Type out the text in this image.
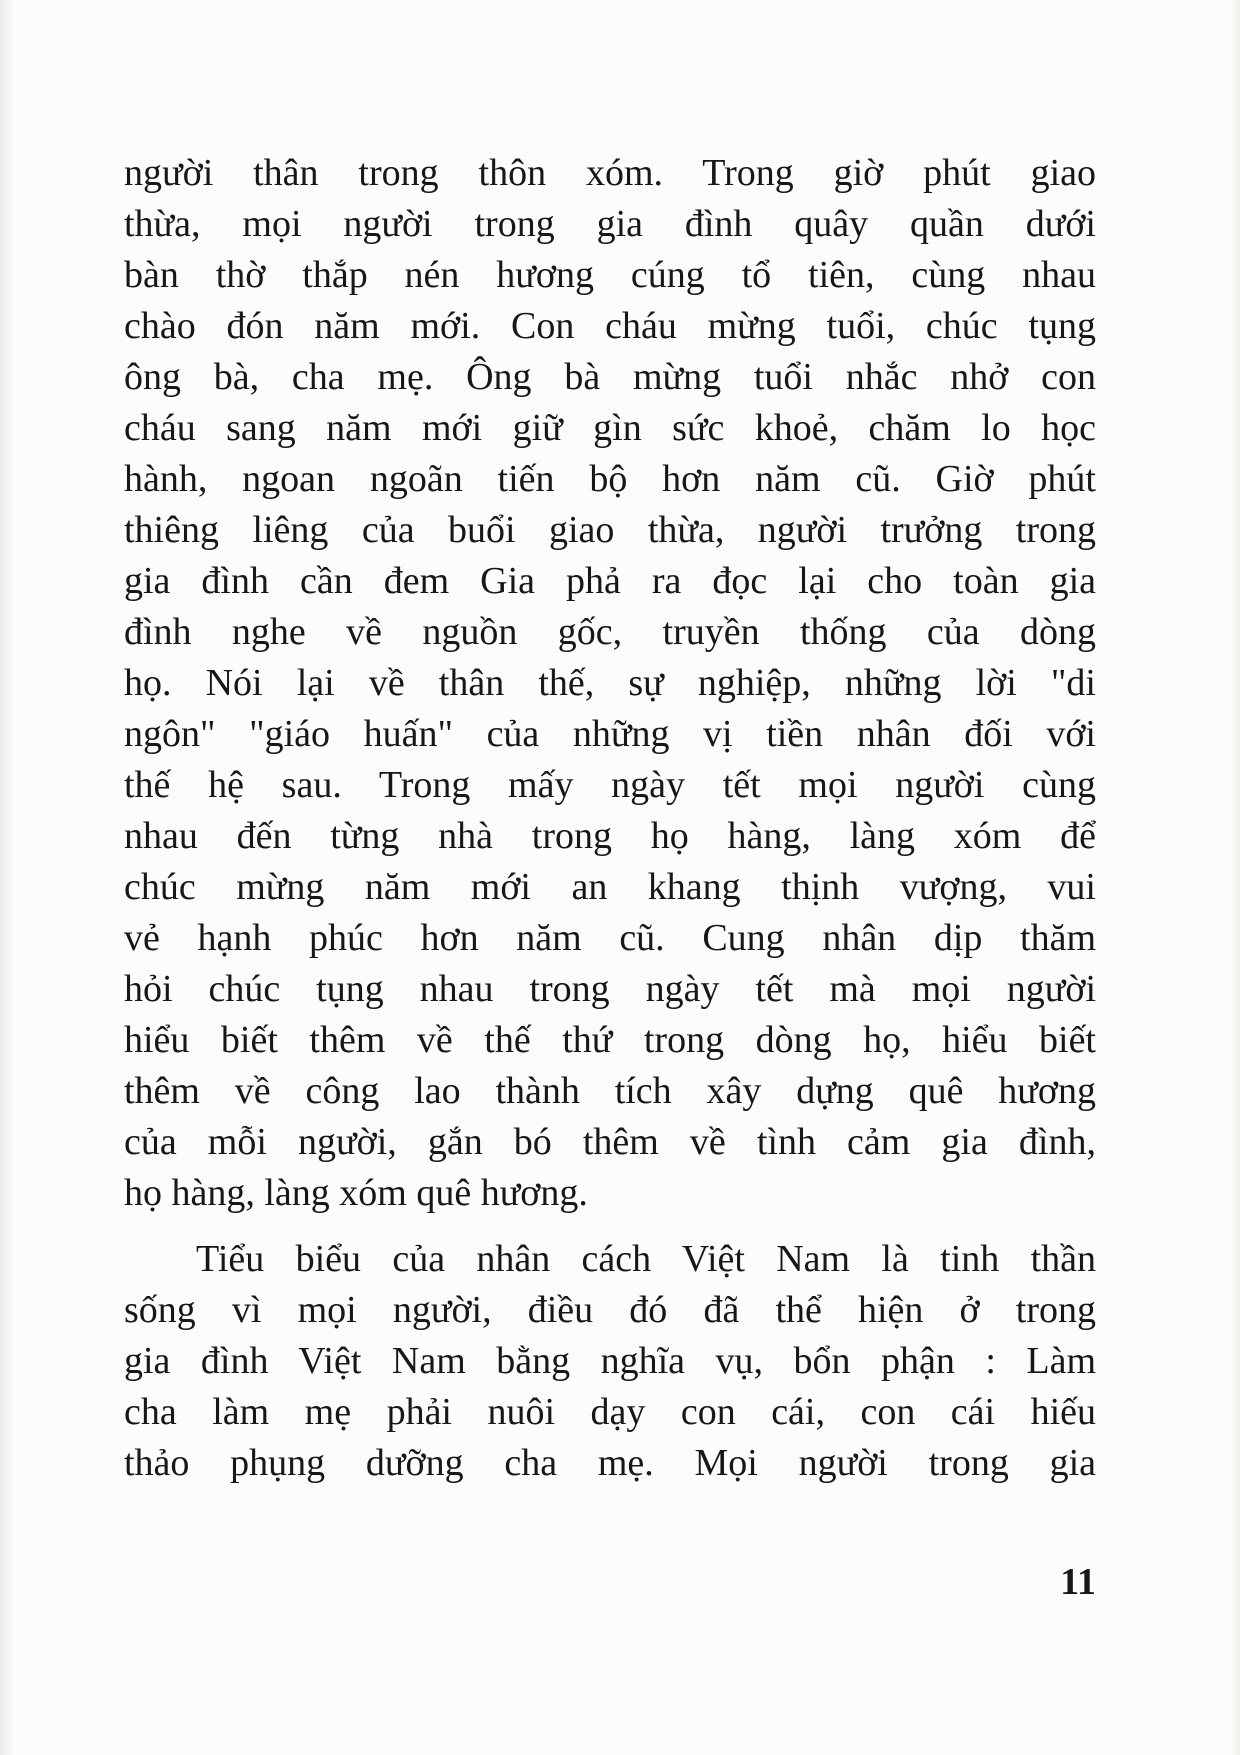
người thân trong thôn xóm. Trong giờ phút giao
thừa, mọi người trong gia đình quây quần dưới
bàn thờ thắp nén hương cúng tổ tiên, cùng nhau
chào đón năm mới. Con cháu mừng tuổi, chúc tụng
ông bà, cha mẹ. Ông bà mừng tuổi nhắc nhở con
cháu sang năm mới giữ gìn sức khoẻ, chăm lo học
hành, ngoan ngoãn tiến bộ hơn năm cũ. Giờ phút
thiêng liêng của buổi giao thừa, người trưởng trong
gia đình cần đem Gia phả ra đọc lại cho toàn gia
đình nghe về nguồn gốc, truyền thống của dòng
họ. Nói lại về thân thế, sự nghiệp, những lời "di
ngôn" "giáo huấn" của những vị tiền nhân đối với
thế hệ sau. Trong mấy ngày tết mọi người cùng
nhau đến từng nhà trong họ hàng, làng xóm để
chúc mừng năm mới an khang thịnh vượng, vui
vẻ hạnh phúc hơn năm cũ. Cung nhân dịp thăm
hỏi chúc tụng nhau trong ngày tết mà mọi người
hiểu biết thêm về thế thứ trong dòng họ, hiểu biết
thêm về công lao thành tích xây dựng quê hương
của mỗi người, gắn bó thêm về tình cảm gia đình,
họ hàng, làng xóm quê hương.
Tiểu biểu của nhân cách Việt Nam là tinh thần
sống vì mọi người, điều đó đã thể hiện ở trong
gia đình Việt Nam bằng nghĩa vụ, bổn phận : Làm
cha làm mẹ phải nuôi dạy con cái, con cái hiếu
thảo phụng dưỡng cha mẹ. Mọi người trong gia
11
